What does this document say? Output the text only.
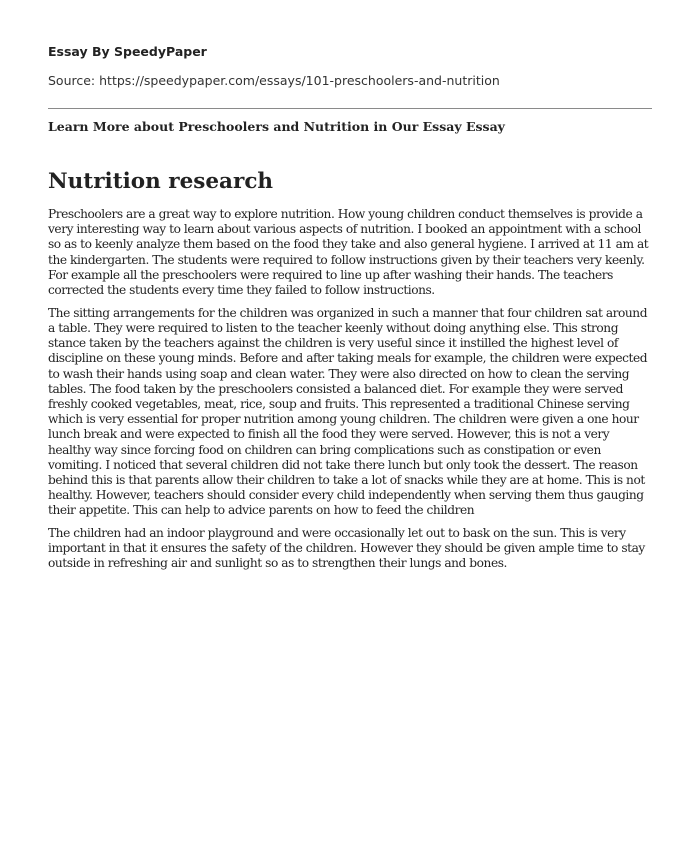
Essay By SpeedyPaper
Source: https://speedypaper.com/essays/101-preschoolers-and-nutrition
Learn More about Preschoolers and Nutrition in Our Essay Essay
Nutrition research

Preschoolers are a great way to explore nutrition. How young children conduct themselves is provide a very interesting way to learn about various aspects of nutrition. I booked an appointment with a school so as to keenly analyze them based on the food they take and also general hygiene. I arrived at 11 am at the kindergarten. The students were required to follow instructions given by their teachers very keenly. For example all the preschoolers were required to line up after washing their hands. The teachers corrected the students every time they failed to follow instructions.

The sitting arrangements for the children was organized in such a manner that four children sat around a table. They were required to listen to the teacher keenly without doing anything else. This strong stance taken by the teachers against the children is very useful since it instilled the highest level of discipline on these young minds. Before and after taking meals for example, the children were expected to wash their hands using soap and clean water. They were also directed on how to clean the serving tables. The food taken by the preschoolers consisted a balanced diet. For example they were served freshly cooked vegetables, meat, rice, soup and fruits. This represented a traditional Chinese serving which is very essential for proper nutrition among young children. The children were given a one hour lunch break and were expected to finish all the food they were served. However, this is not a very healthy way since forcing food on children can bring complications such as constipation or even vomiting. I noticed that several children did not take there lunch but only took the dessert. The reason behind this is that parents allow their children to take a lot of snacks while they are at home. This is not healthy. However, teachers should consider every child independently when serving them thus gauging their appetite. This can help to advice parents on how to feed the children

The children had an indoor playground and were occasionally let out to bask on the sun. This is very important in that it ensures the safety of the children. However they should be given ample time to stay outside in refreshing air and sunlight so as to strengthen their lungs and bones.
